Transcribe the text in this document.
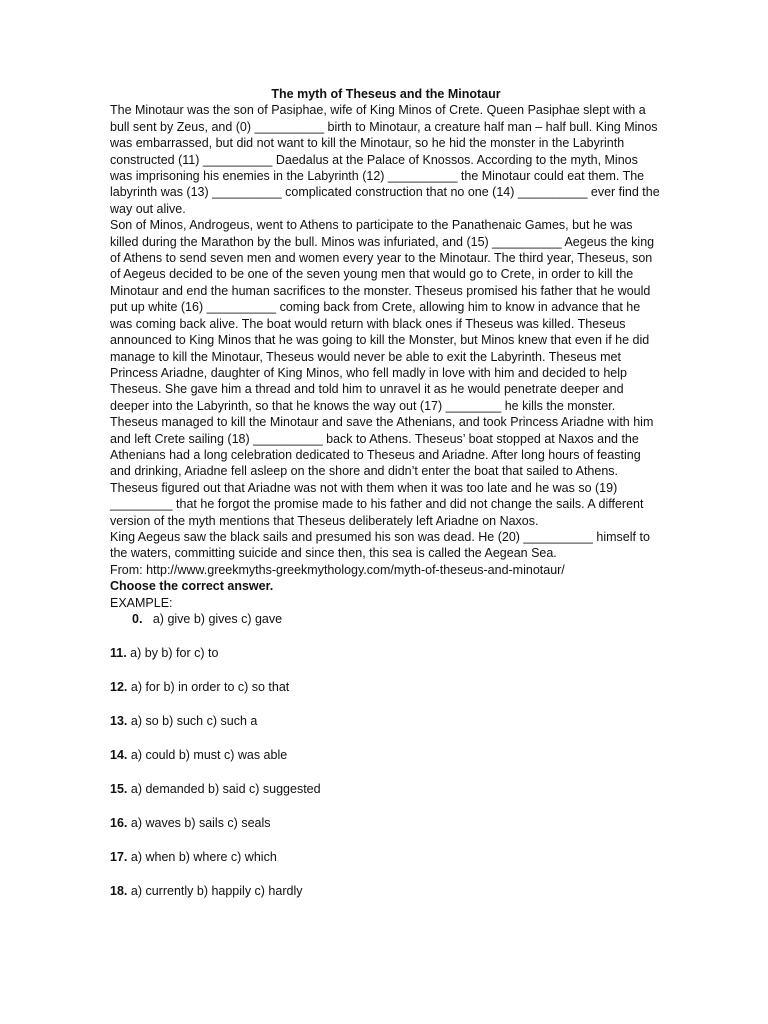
The myth of Theseus and the Minotaur

The Minotaur was the son of Pasiphae, wife of King Minos of Crete. Queen Pasiphae slept with a bull sent by Zeus, and (0) __________ birth to Minotaur, a creature half man – half bull. King Minos was embarrassed, but did not want to kill the Minotaur, so he hid the monster in the Labyrinth constructed (11) __________ Daedalus at the Palace of Knossos. According to the myth, Minos was imprisoning his enemies in the Labyrinth (12) __________ the Minotaur could eat them. The labyrinth was (13) __________ complicated construction that no one (14) __________ ever find the way out alive.

Son of Minos, Androgeus, went to Athens to participate to the Panathenaic Games, but he was killed during the Marathon by the bull. Minos was infuriated, and (15) __________ Aegeus the king of Athens to send seven men and women every year to the Minotaur. The third year, Theseus, son of Aegeus decided to be one of the seven young men that would go to Crete, in order to kill the Minotaur and end the human sacrifices to the monster. Theseus promised his father that he would put up white (16) __________ coming back from Crete, allowing him to know in advance that he was coming back alive. The boat would return with black ones if Theseus was killed. Theseus announced to King Minos that he was going to kill the Monster, but Minos knew that even if he did manage to kill the Minotaur, Theseus would never be able to exit the Labyrinth. Theseus met Princess Ariadne, daughter of King Minos, who fell madly in love with him and decided to help Theseus. She gave him a thread and told him to unravel it as he would penetrate deeper and deeper into the Labyrinth, so that he knows the way out (17) ________ he kills the monster. Theseus managed to kill the Minotaur and save the Athenians, and took Princess Ariadne with him and left Crete sailing (18) __________ back to Athens. Theseus’ boat stopped at Naxos and the Athenians had a long celebration dedicated to Theseus and Ariadne. After long hours of feasting and drinking, Ariadne fell asleep on the shore and didn’t enter the boat that sailed to Athens. Theseus figured out that Ariadne was not with them when it was too late and he was so (19) _________ that he forgot the promise made to his father and did not change the sails. A different version of the myth mentions that Theseus deliberately left Ariadne on Naxos.

King Aegeus saw the black sails and presumed his son was dead. He (20) __________ himself to the waters, committing suicide and since then, this sea is called the Aegean Sea.

From: http://www.greekmyths-greekmythology.com/myth-of-theseus-and-minotaur/

Choose the correct answer.

EXAMPLE:

0. a) give b) gives c) gave

11. a) by b) for c) to

12. a) for b) in order to c) so that

13. a) so b) such c) such a

14. a) could b) must c) was able

15. a) demanded b) said c) suggested

16. a) waves b) sails c) seals

17. a) when b) where c) which

18. a) currently b) happily c) hardly
